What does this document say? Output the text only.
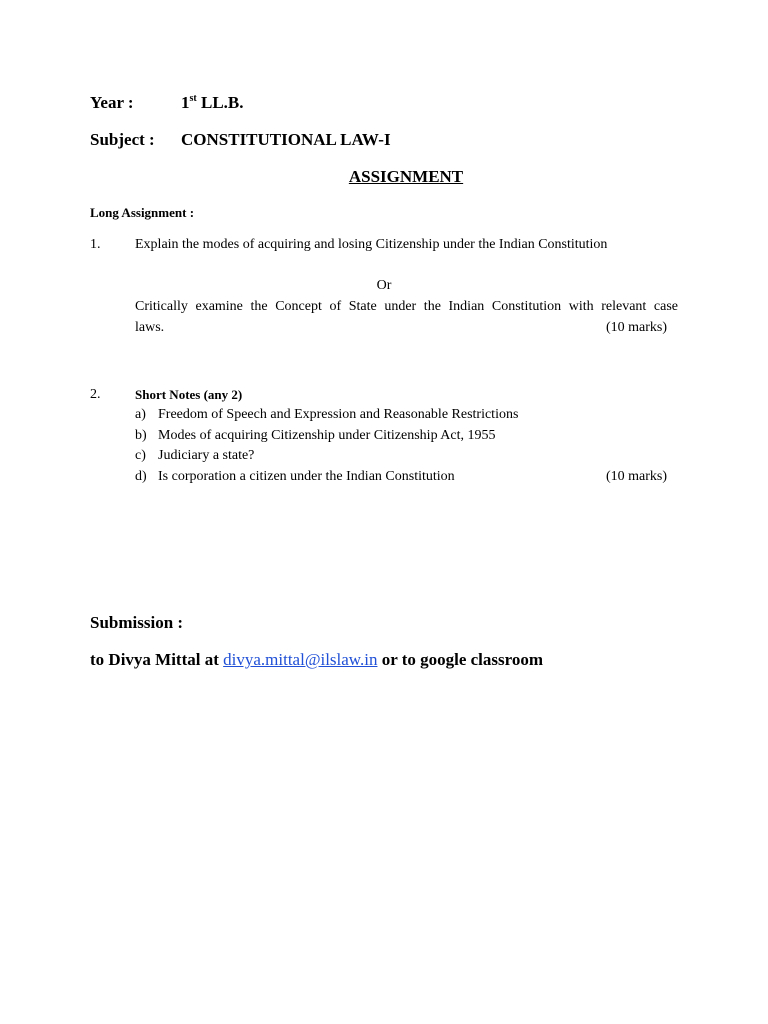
Year :	1st LL.B.
Subject : CONSTITUTIONAL LAW-I
ASSIGNMENT
Long Assignment :
1. Explain the modes of acquiring and losing Citizenship under the Indian Constitution
Or
Critically examine the Concept of State under the Indian Constitution with relevant case
laws.	(10 marks)
2.	Short Notes (any 2)
a) Freedom of Speech and Expression and Reasonable Restrictions
b) Modes of acquiring Citizenship under Citizenship Act, 1955
c) Judiciary a state?
d) Is corporation a citizen under the Indian Constitution	(10 marks)
Submission :
to Divya Mittal at divya.mittal@ilslaw.in or to google classroom
